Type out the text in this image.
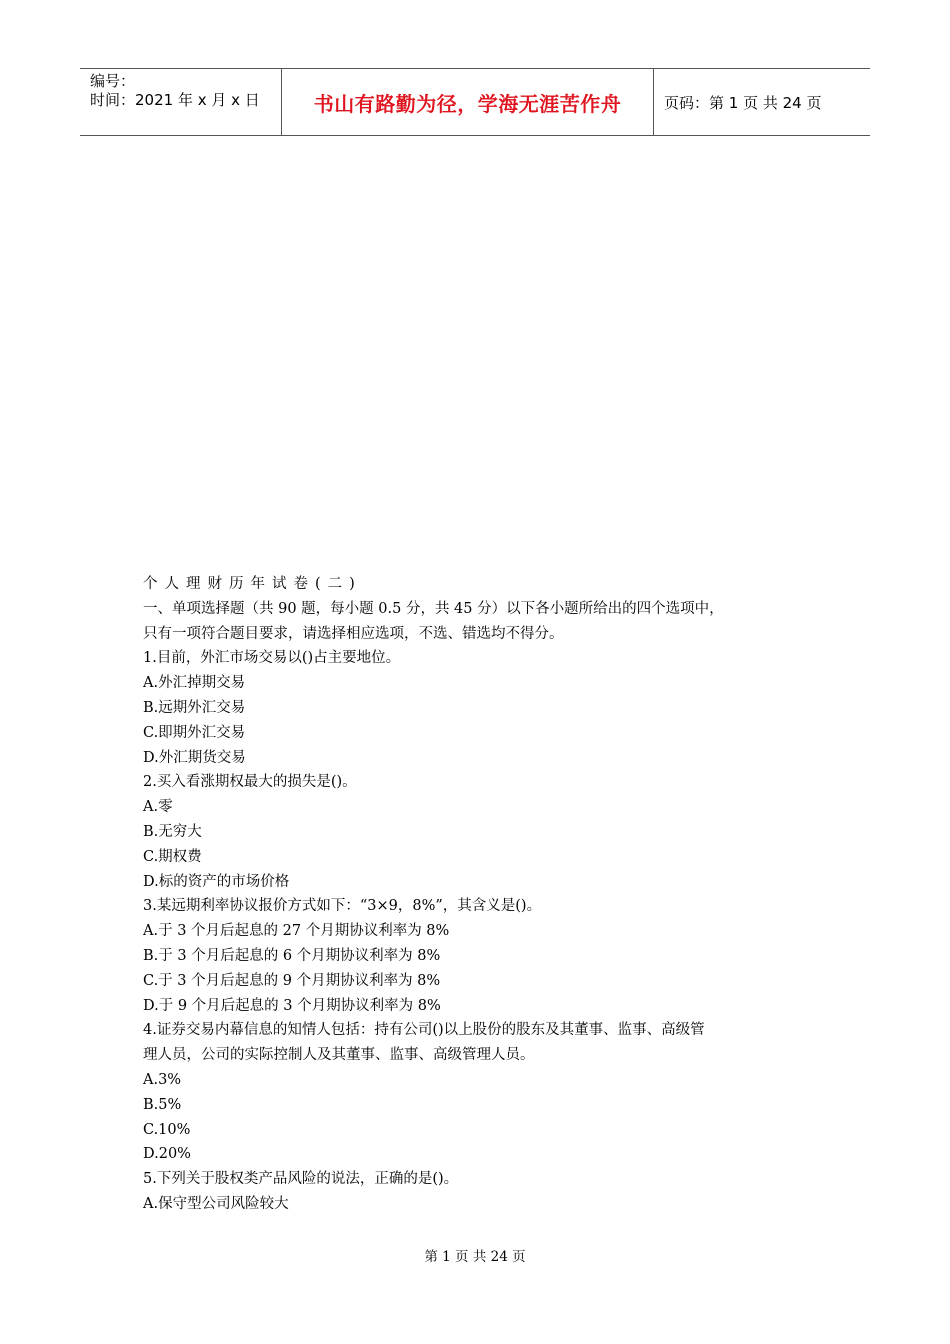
编号：
时间：2021 年 x 月 x 日	书山有路勤为径，学海无涯苦作舟	页码：第 1 页 共 24 页
个人理财历年试卷(二)
一、单项选择题（共 90 题，每小题 0.5 分，共 45 分）以下各小题所给出的四个选项中，
只有一项符合题目要求，请选择相应选项，不选、错选均不得分。
1.目前，外汇市场交易以()占主要地位。
A.外汇掉期交易
B.远期外汇交易
C.即期外汇交易
D.外汇期货交易
2.买入看涨期权最大的损失是()。
A.零
B.无穷大
C.期权费
D.标的资产的市场价格
3.某远期利率协议报价方式如下：“3×9，8%”，其含义是()。
A.于 3 个月后起息的 27 个月期协议利率为 8%
B.于 3 个月后起息的 6 个月期协议利率为 8%
C.于 3 个月后起息的 9 个月期协议利率为 8%
D.于 9 个月后起息的 3 个月期协议利率为 8%
4.证券交易内幕信息的知情人包括：持有公司()以上股份的股东及其董事、监事、高级管
理人员，公司的实际控制人及其董事、监事、高级管理人员。
A.3%
B.5%
C.10%
D.20%
5.下列关于股权类产品风险的说法，正确的是()。
A.保守型公司风险较大
第 1 页 共 24 页
